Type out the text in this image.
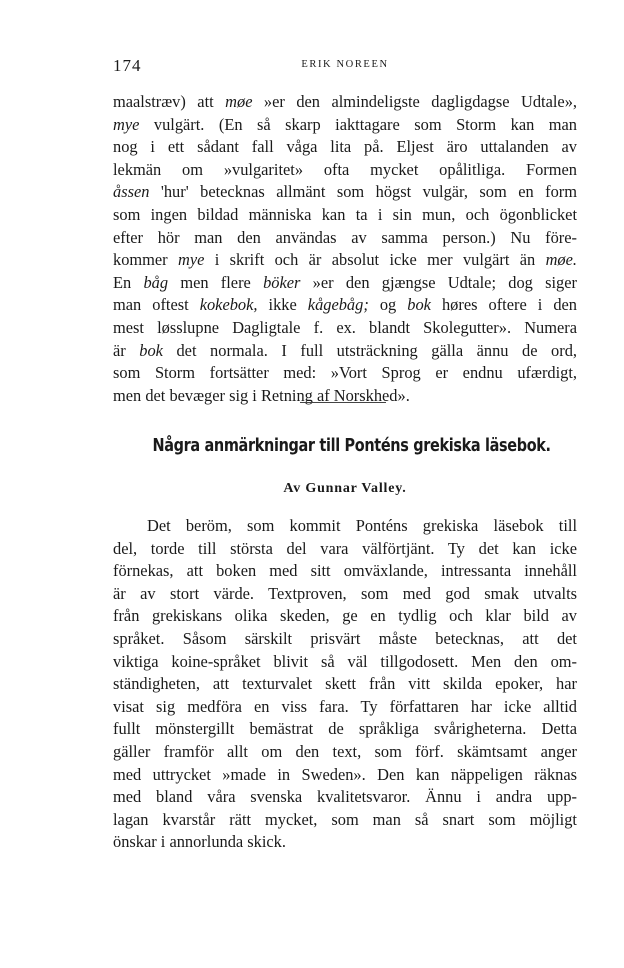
174	ERIK NOREEN
maalstræv) att møe »er den almindeligste dagligdagse Udtale»,
mye vulgärt. (En så skarp iakttagare som Storm kan man
nog i ett sådant fall våga lita på. Eljest äro uttalanden av
lekmän om »vulgaritet» ofta mycket opålitliga. Formen
åssen 'hur' betecknas allmänt som högst vulgär, som en form
som ingen bildad människa kan ta i sin mun, och ögonblicket
efter hör man den användas av samma person.) Nu före-
kommer mye i skrift och är absolut icke mer vulgärt än møe.
En båg men flere böker »er den gjængse Udtale; dog siger
man oftest kokebok, ikke kågebåg; og bok høres oftere i den
mest løsslupne Dagligtale f. ex. blandt Skolegutter». Numera
är bok det normala. I full utsträckning gälla ännu de ord,
som Storm fortsätter med: »Vort Sprog er endnu ufærdigt,
men det bevæger sig i Retning af Norskhed».
Några anmärkningar till Ponténs grekiska läsebok.
Av Gunnar Valley.
Det beröm, som kommit Ponténs grekiska läsebok till
del, torde till största del vara välförtjänt. Ty det kan icke
förnekas, att boken med sitt omväxlande, intressanta innehåll
är av stort värde. Textproven, som med god smak utvalts
från grekiskans olika skeden, ge en tydlig och klar bild av
språket. Såsom särskilt prisvärt måste betecknas, att det
viktiga koine-språket blivit så väl tillgodosett. Men den om-
ständigheten, att texturvalet skett från vitt skilda epoker, har
visat sig medföra en viss fara. Ty författaren har icke alltid
fullt mönstergillt bemästrat de språkliga svårigheterna. Detta
gäller framför allt om den text, som förf. skämtsamt anger
med uttrycket »made in Sweden». Den kan näppeligen räknas
med bland våra svenska kvalitetsvaror. Ännu i andra upp-
lagan kvarstår rätt mycket, som man så snart som möjligt
önskar i annorlunda skick.
